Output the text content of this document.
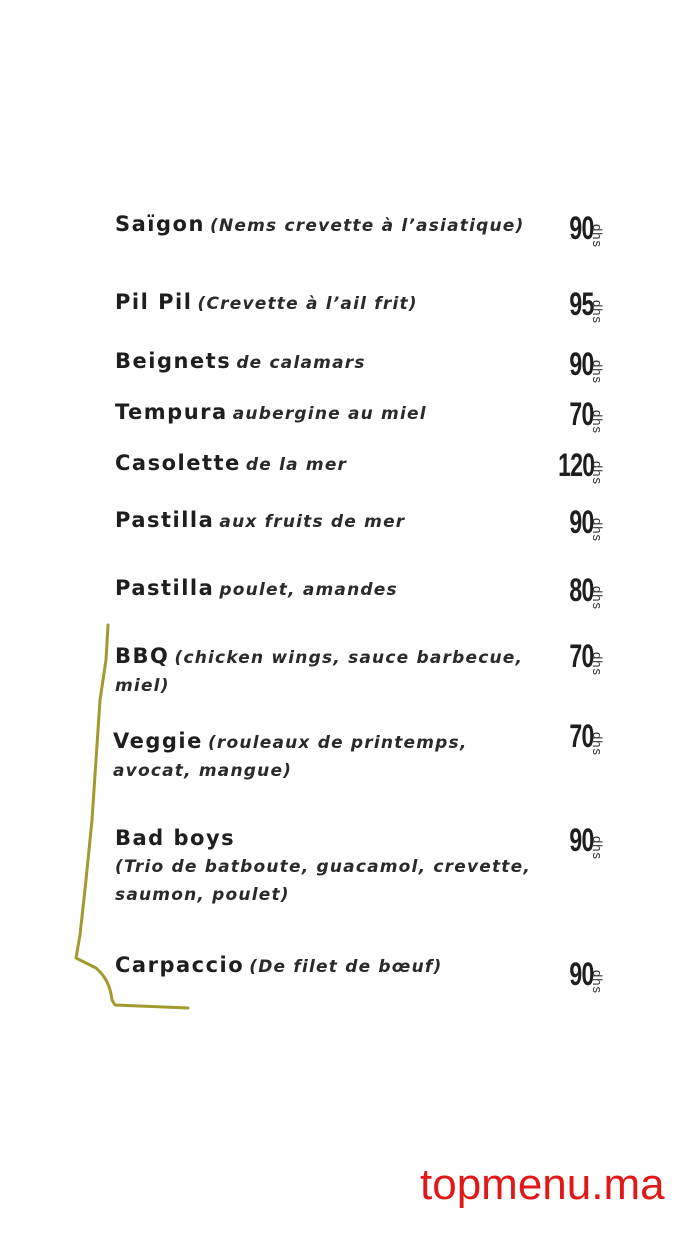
Saïgon (Nems crevette à l’asiatique)	90
dhs
Pil Pil (Crevette à l’ail frit)	95
dhs
Beignets de calamars	90
dhs
Tempura aubergine au miel	70
dhs
Casolette de la mer	120
dhs
Pastilla aux fruits de mer	90
dhs
Pastilla poulet, amandes	80
dhs
BBQ (chicken wings, sauce barbecue,
miel)
70
dhs
Veggie (rouleaux de printemps,
avocat, mangue)
70
dhs
Bad boys
(Trio de batboute, guacamol, crevette,
saumon, poulet)
90
dhs
Carpaccio (De filet de bœuf)	90
dhs
topmenu.ma
